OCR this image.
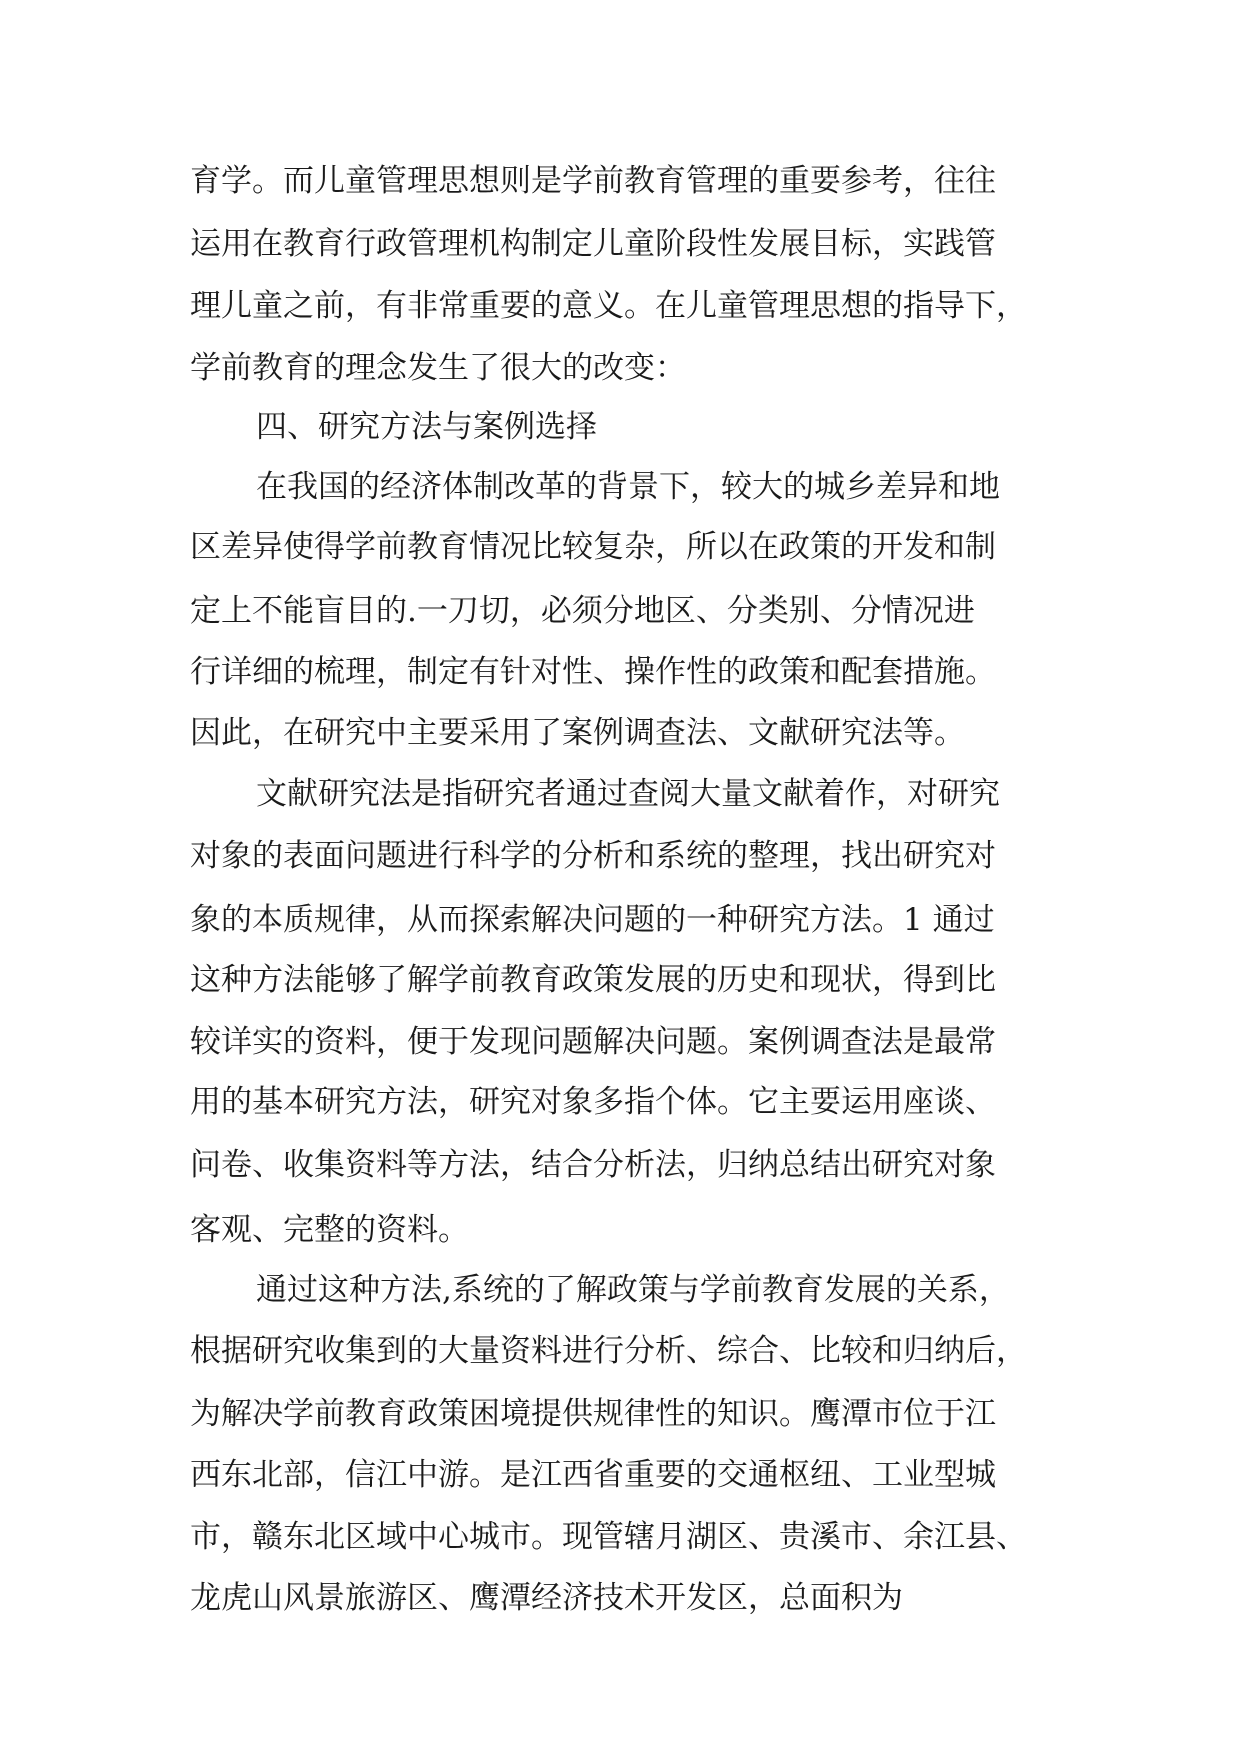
育学。而儿童管理思想则是学前教育管理的重要参考，往往
运用在教育行政管理机构制定儿童阶段性发展目标，实践管
理儿童之前，有非常重要的意义。在儿童管理思想的指导下，
学前教育的理念发生了很大的改变：
四、研究方法与案例选择
在我国的经济体制改革的背景下，较大的城乡差异和地
区差异使得学前教育情况比较复杂，所以在政策的开发和制
定上不能盲目的.一刀切，必须分地区、分类别、分情况进
行详细的梳理，制定有针对性、操作性的政策和配套措施。
因此，在研究中主要采用了案例调查法、文献研究法等。
文献研究法是指研究者通过查阅大量文献着作，对研究
对象的表面问题进行科学的分析和系统的整理，找出研究对
象的本质规律，从而探索解决问题的一种研究方法。1 通过
这种方法能够了解学前教育政策发展的历史和现状，得到比
较详实的资料，便于发现问题解决问题。案例调查法是最常
用的基本研究方法，研究对象多指个体。它主要运用座谈、
问卷、收集资料等方法，结合分析法，归纳总结出研究对象
客观、完整的资料。
通过这种方法,系统的了解政策与学前教育发展的关系，
根据研究收集到的大量资料进行分析、综合、比较和归纳后，
为解决学前教育政策困境提供规律性的知识。鹰潭市位于江
西东北部，信江中游。是江西省重要的交通枢纽、工业型城
市，赣东北区域中心城市。现管辖月湖区、贵溪市、余江县、
龙虎山风景旅游区、鹰潭经济技术开发区，总面积为
